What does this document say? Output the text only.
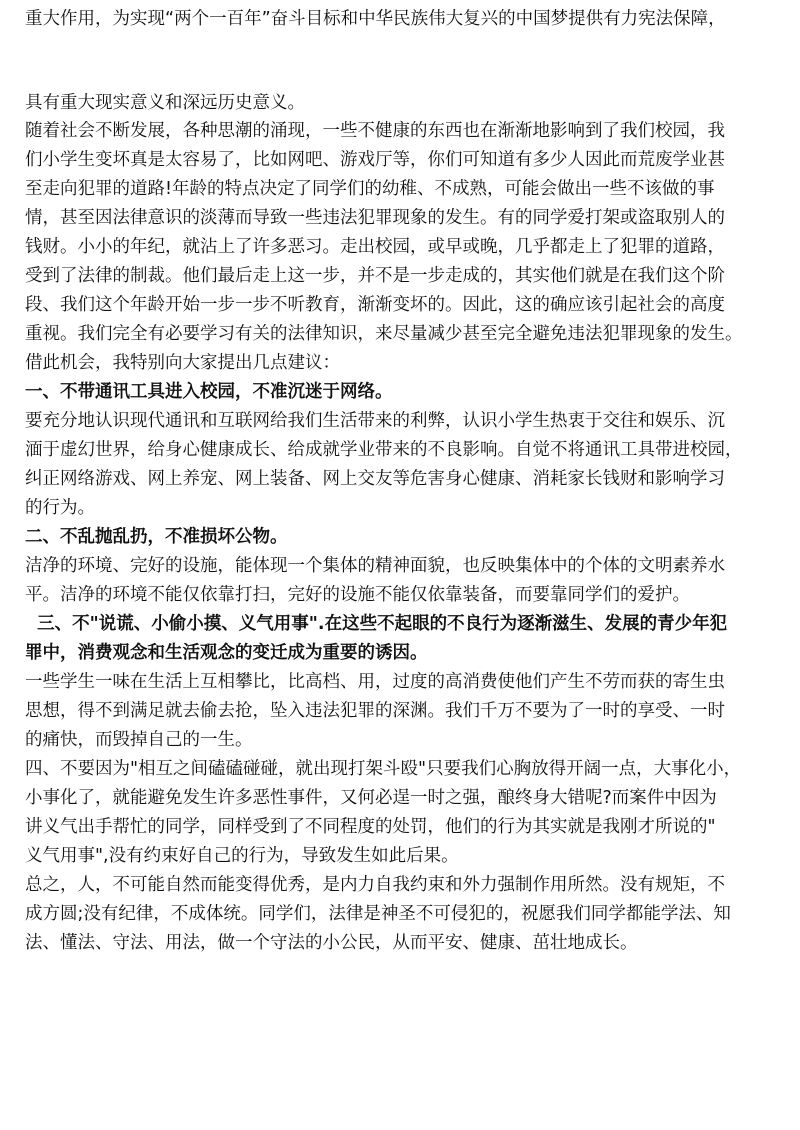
重大作用，为实现“两个一百年”奋斗目标和中华民族伟大复兴的中国梦提供有力宪法保障，
具有重大现实意义和深远历史意义。
随着社会不断发展，各种思潮的涌现，一些不健康的东西也在渐渐地影响到了我们校园，我
们小学生变坏真是太容易了，比如网吧、游戏厅等，你们可知道有多少人因此而荒废学业甚
至走向犯罪的道路!年龄的特点决定了同学们的幼稚、不成熟，可能会做出一些不该做的事
情，甚至因法律意识的淡薄而导致一些违法犯罪现象的发生。有的同学爱打架或盗取别人的
钱财。小小的年纪，就沾上了许多恶习。走出校园，或早或晚，几乎都走上了犯罪的道路，
受到了法律的制裁。他们最后走上这一步，并不是一步走成的，其实他们就是在我们这个阶
段、我们这个年龄开始一步一步不听教育，渐渐变坏的。因此，这的确应该引起社会的高度
重视。我们完全有必要学习有关的法律知识，来尽量减少甚至完全避免违法犯罪现象的发生。
借此机会，我特别向大家提出几点建议：
一、不带通讯工具进入校园，不准沉迷于网络。
要充分地认识现代通讯和互联网给我们生活带来的利弊，认识小学生热衷于交往和娱乐、沉
湎于虚幻世界，给身心健康成长、给成就学业带来的不良影响。自觉不将通讯工具带进校园，
纠正网络游戏、网上养宠、网上装备、网上交友等危害身心健康、消耗家长钱财和影响学习
的行为。
二、不乱抛乱扔，不准损坏公物。
洁净的环境、完好的设施，能体现一个集体的精神面貌，也反映集体中的个体的文明素养水
平。洁净的环境不能仅依靠打扫，完好的设施不能仅依靠装备，而要靠同学们的爱护。
三、不"说谎、小偷小摸、义气用事".在这些不起眼的不良行为逐渐滋生、发展的青少年犯
罪中，消费观念和生活观念的变迁成为重要的诱因。
一些学生一味在生活上互相攀比，比高档、用，过度的高消费使他们产生不劳而获的寄生虫
思想，得不到满足就去偷去抢，坠入违法犯罪的深渊。我们千万不要为了一时的享受、一时
的痛快，而毁掉自己的一生。
四、不要因为"相互之间磕磕碰碰，就出现打架斗殴"只要我们心胸放得开阔一点，大事化小，
小事化了，就能避免发生许多恶性事件，又何必逞一时之强，酿终身大错呢?而案件中因为
讲义气出手帮忙的同学，同样受到了不同程度的处罚，他们的行为其实就是我刚才所说的"
义气用事",没有约束好自己的行为，导致发生如此后果。
总之，人，不可能自然而能变得优秀，是内力自我约束和外力强制作用所然。没有规矩，不
成方圆;没有纪律，不成体统。同学们，法律是神圣不可侵犯的，祝愿我们同学都能学法、知
法、懂法、守法、用法，做一个守法的小公民，从而平安、健康、茁壮地成长。
